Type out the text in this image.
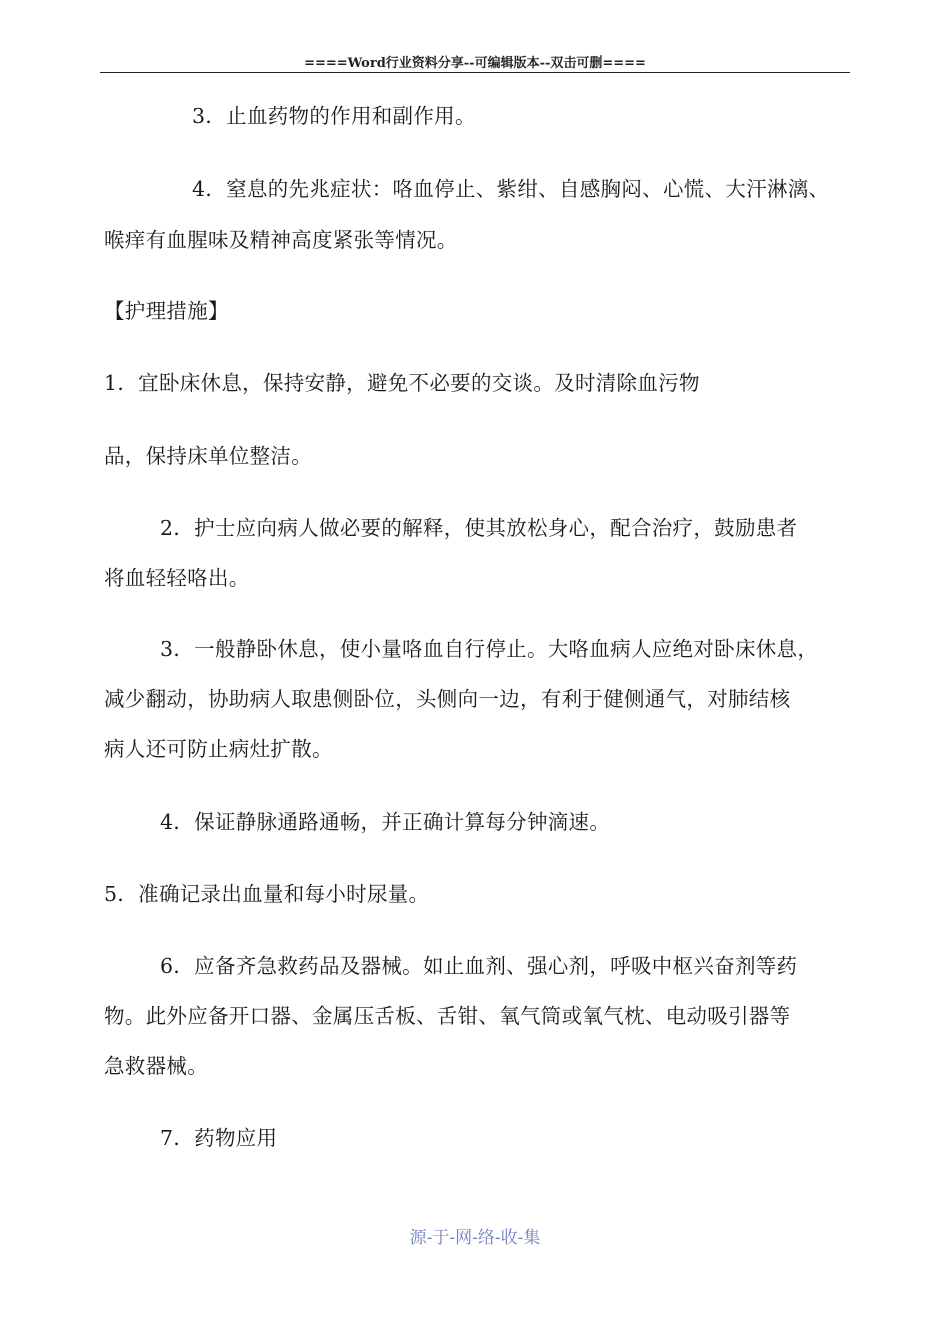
====Word行业资料分享--可编辑版本--双击可删====
3．止血药物的作用和副作用。
4．窒息的先兆症状：咯血停止、紫绀、自感胸闷、心慌、大汗淋漓、
喉痒有血腥味及精神高度紧张等情况。
【护理措施】
1．宜卧床休息，保持安静，避免不必要的交谈。及时清除血污物
品，保持床单位整洁。
2．护士应向病人做必要的解释，使其放松身心，配合治疗，鼓励患者
将血轻轻咯出。
3．一般静卧休息，使小量咯血自行停止。大咯血病人应绝对卧床休息，
减少翻动，协助病人取患侧卧位，头侧向一边，有利于健侧通气，对肺结核
病人还可防止病灶扩散。
4．保证静脉通路通畅，并正确计算每分钟滴速。
5．准确记录出血量和每小时尿量。
6．应备齐急救药品及器械。如止血剂、强心剂，呼吸中枢兴奋剂等药
物。此外应备开口器、金属压舌板、舌钳、氧气筒或氧气枕、电动吸引器等
急救器械。
7．药物应用
源-于-网-络-收-集
